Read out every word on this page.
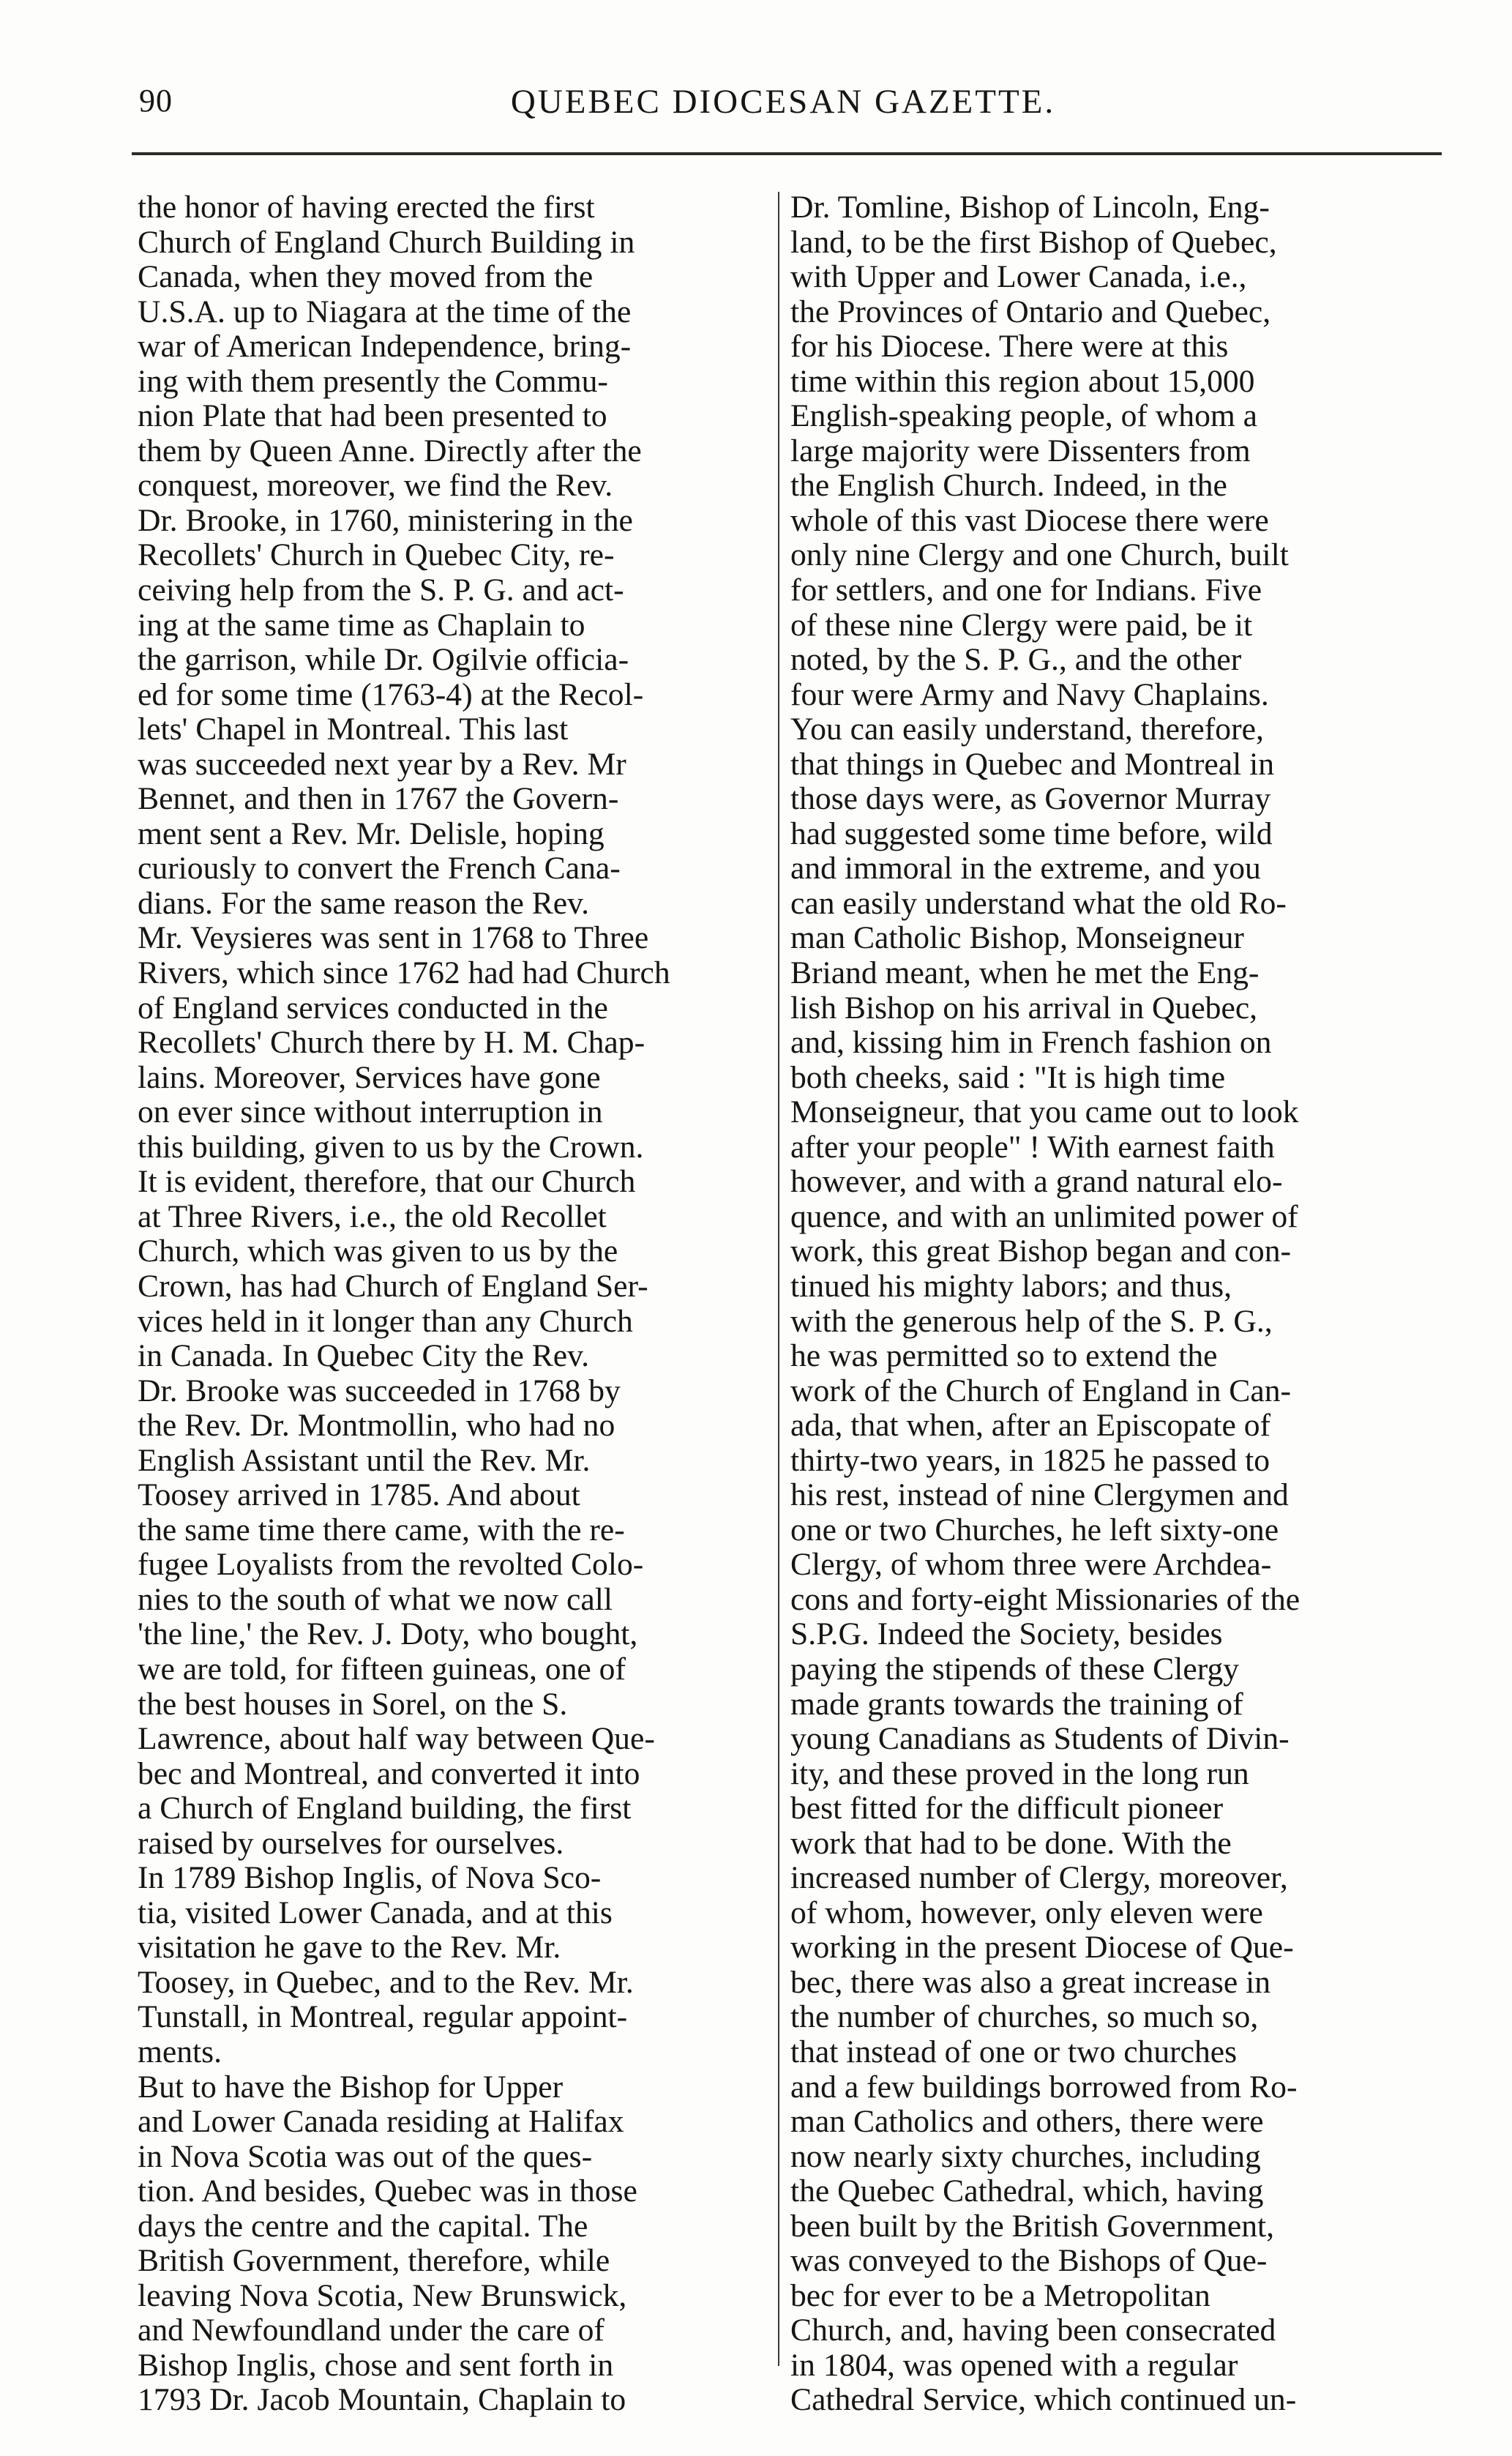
90	QUEBEC DIOCESAN GAZETTE.
the honor of having erected the first
Church of England Church Building in
Canada, when they moved from the
U.S.A. up to Niagara at the time of the
war of American Independence, bring-
ing with them presently the Commu-
nion Plate that had been presented to
them by Queen Anne. Directly after the
conquest, moreover, we find the Rev.
Dr. Brooke, in 1760, ministering in the
Recollets' Church in Quebec City, re-
ceiving help from the S. P. G. and act-
ing at the same time as Chaplain to
the garrison, while Dr. Ogilvie officia-
ed for some time (1763-4) at the Recol-
lets' Chapel in Montreal. This last
was succeeded next year by a Rev. Mr
Bennet, and then in 1767 the Govern-
ment sent a Rev. Mr. Delisle, hoping
curiously to convert the French Cana-
dians. For the same reason the Rev.
Mr. Veysieres was sent in 1768 to Three
Rivers, which since 1762 had had Church
of England services conducted in the
Recollets' Church there by H. M. Chap-
lains. Moreover, Services have gone
on ever since without interruption in
this building, given to us by the Crown.
It is evident, therefore, that our Church
at Three Rivers, i.e., the old Recollet
Church, which was given to us by the
Crown, has had Church of England Ser-
vices held in it longer than any Church
in Canada. In Quebec City the Rev.
Dr. Brooke was succeeded in 1768 by
the Rev. Dr. Montmollin, who had no
English Assistant until the Rev. Mr.
Toosey arrived in 1785. And about
the same time there came, with the re-
fugee Loyalists from the revolted Colo-
nies to the south of what we now call
'the line,' the Rev. J. Doty, who bought,
we are told, for fifteen guineas, one of
the best houses in Sorel, on the S.
Lawrence, about half way between Que-
bec and Montreal, and converted it into
a Church of England building, the first
raised by ourselves for ourselves.
In 1789 Bishop Inglis, of Nova Sco-
tia, visited Lower Canada, and at this
visitation he gave to the Rev. Mr.
Toosey, in Quebec, and to the Rev. Mr.
Tunstall, in Montreal, regular appoint-
ments.
But to have the Bishop for Upper
and Lower Canada residing at Halifax
in Nova Scotia was out of the ques-
tion. And besides, Quebec was in those
days the centre and the capital. The
British Government, therefore, while
leaving Nova Scotia, New Brunswick,
and Newfoundland under the care of
Bishop Inglis, chose and sent forth in
1793 Dr. Jacob Mountain, Chaplain to
Dr. Tomline, Bishop of Lincoln, Eng-
land, to be the first Bishop of Quebec,
with Upper and Lower Canada, i.e.,
the Provinces of Ontario and Quebec,
for his Diocese. There were at this
time within this region about 15,000
English-speaking people, of whom a
large majority were Dissenters from
the English Church. Indeed, in the
whole of this vast Diocese there were
only nine Clergy and one Church, built
for settlers, and one for Indians. Five
of these nine Clergy were paid, be it
noted, by the S. P. G., and the other
four were Army and Navy Chaplains.
You can easily understand, therefore,
that things in Quebec and Montreal in
those days were, as Governor Murray
had suggested some time before, wild
and immoral in the extreme, and you
can easily understand what the old Ro-
man Catholic Bishop, Monseigneur
Briand meant, when he met the Eng-
lish Bishop on his arrival in Quebec,
and, kissing him in French fashion on
both cheeks, said : "It is high time
Monseigneur, that you came out to look
after your people" ! With earnest faith
however, and with a grand natural elo-
quence, and with an unlimited power of
work, this great Bishop began and con-
tinued his mighty labors; and thus,
with the generous help of the S. P. G.,
he was permitted so to extend the
work of the Church of England in Can-
ada, that when, after an Episcopate of
thirty-two years, in 1825 he passed to
his rest, instead of nine Clergymen and
one or two Churches, he left sixty-one
Clergy, of whom three were Archdea-
cons and forty-eight Missionaries of the
S.P.G. Indeed the Society, besides
paying the stipends of these Clergy
made grants towards the training of
young Canadians as Students of Divin-
ity, and these proved in the long run
best fitted for the difficult pioneer
work that had to be done. With the
increased number of Clergy, moreover,
of whom, however, only eleven were
working in the present Diocese of Que-
bec, there was also a great increase in
the number of churches, so much so,
that instead of one or two churches
and a few buildings borrowed from Ro-
man Catholics and others, there were
now nearly sixty churches, including
the Quebec Cathedral, which, having
been built by the British Government,
was conveyed to the Bishops of Que-
bec for ever to be a Metropolitan
Church, and, having been consecrated
in 1804, was opened with a regular
Cathedral Service, which continued un-
